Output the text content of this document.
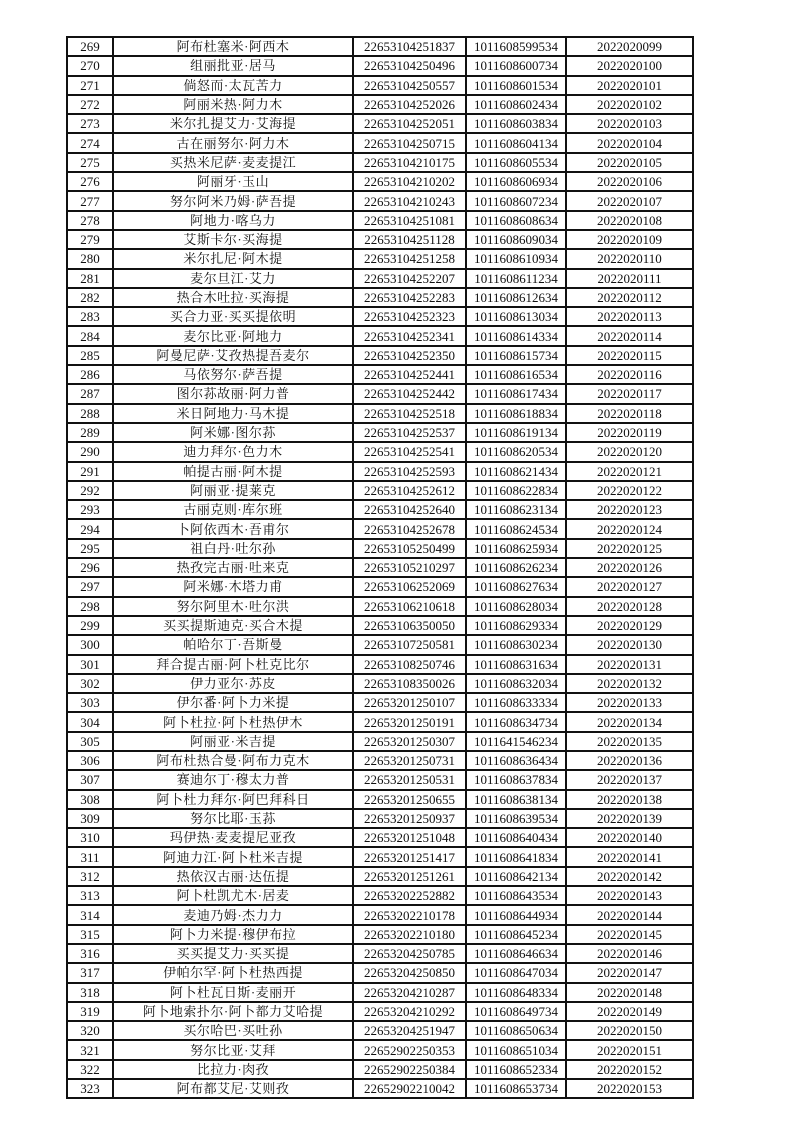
269	阿布杜塞米·阿西木	22653104251837	1011608599534	2022020099
270	组丽批亚·居马	22653104250496	1011608600734	2022020100
271	倘怒而·太瓦苦力	22653104250557	1011608601534	2022020101
272	阿丽米热·阿力木	22653104252026	1011608602434	2022020102
273	米尔扎提艾力·艾海提	22653104252051	1011608603834	2022020103
274	古在丽努尔·阿力木	22653104250715	1011608604134	2022020104
275	买热米尼萨·麦麦提江	22653104210175	1011608605534	2022020105
276	阿丽牙·玉山	22653104210202	1011608606934	2022020106
277	努尔阿米乃姆·萨吾提	22653104210243	1011608607234	2022020107
278	阿地力·喀乌力	22653104251081	1011608608634	2022020108
279	艾斯卡尔·买海提	22653104251128	1011608609034	2022020109
280	米尔扎尼·阿木提	22653104251258	1011608610934	2022020110
281	麦尔旦江·艾力	22653104252207	1011608611234	2022020111
282	热合木吐拉·买海提	22653104252283	1011608612634	2022020112
283	买合力亚·买买提依明	22653104252323	1011608613034	2022020113
284	麦尔比亚·阿地力	22653104252341	1011608614334	2022020114
285	阿曼尼萨·艾孜热提吾麦尔	22653104252350	1011608615734	2022020115
286	马依努尔·萨吾提	22653104252441	1011608616534	2022020116
287	图尔荪故丽·阿力普	22653104252442	1011608617434	2022020117
288	米日阿地力·马木提	22653104252518	1011608618834	2022020118
289	阿米娜·图尔荪	22653104252537	1011608619134	2022020119
290	迪力拜尔·色力木	22653104252541	1011608620534	2022020120
291	帕提古丽·阿木提	22653104252593	1011608621434	2022020121
292	阿丽亚·提莱克	22653104252612	1011608622834	2022020122
293	古丽克则·库尔班	22653104252640	1011608623134	2022020123
294	卜阿依西木·吾甫尔	22653104252678	1011608624534	2022020124
295	祖白丹·吐尔孙	22653105250499	1011608625934	2022020125
296	热孜完古丽·吐来克	22653105210297	1011608626234	2022020126
297	阿米娜·木塔力甫	22653106252069	1011608627634	2022020127
298	努尔阿里木·吐尔洪	22653106210618	1011608628034	2022020128
299	买买提斯迪克·买合木提	22653106350050	1011608629334	2022020129
300	帕哈尔丁·吾斯曼	22653107250581	1011608630234	2022020130
301	拜合提古丽·阿卜杜克比尔	22653108250746	1011608631634	2022020131
302	伊力亚尔·苏皮	22653108350026	1011608632034	2022020132
303	伊尔番·阿卜力米提	22653201250107	1011608633334	2022020133
304	阿卜杜拉·阿卜杜热伊木	22653201250191	1011608634734	2022020134
305	阿丽亚·米吉提	22653201250307	1011641546234	2022020135
306	阿布杜热合曼·阿布力克木	22653201250731	1011608636434	2022020136
307	赛迪尔丁·穆太力普	22653201250531	1011608637834	2022020137
308	阿卜杜力拜尔·阿巴拜科日	22653201250655	1011608638134	2022020138
309	努尔比耶·玉荪	22653201250937	1011608639534	2022020139
310	玛伊热·麦麦提尼亚孜	22653201251048	1011608640434	2022020140
311	阿迪力江·阿卜杜米吉提	22653201251417	1011608641834	2022020141
312	热依汉古丽·达伍提	22653201251261	1011608642134	2022020142
313	阿卜杜凯尤木·居麦	22653202252882	1011608643534	2022020143
314	麦迪乃姆·杰力力	22653202210178	1011608644934	2022020144
315	阿卜力米提·穆伊布拉	22653202210180	1011608645234	2022020145
316	买买提艾力·买买提	22653204250785	1011608646634	2022020146
317	伊帕尔罕·阿卜杜热西提	22653204250850	1011608647034	2022020147
318	阿卜杜瓦日斯·麦丽开	22653204210287	1011608648334	2022020148
319	阿卜地索扑尔·阿卜都力艾哈提	22653204210292	1011608649734	2022020149
320	买尔哈巴·买吐孙	22653204251947	1011608650634	2022020150
321	努尔比亚·艾拜	22652902250353	1011608651034	2022020151
322	比拉力·肉孜	22652902250384	1011608652334	2022020152
323	阿布都艾尼·艾则孜	22652902210042	1011608653734	2022020153
